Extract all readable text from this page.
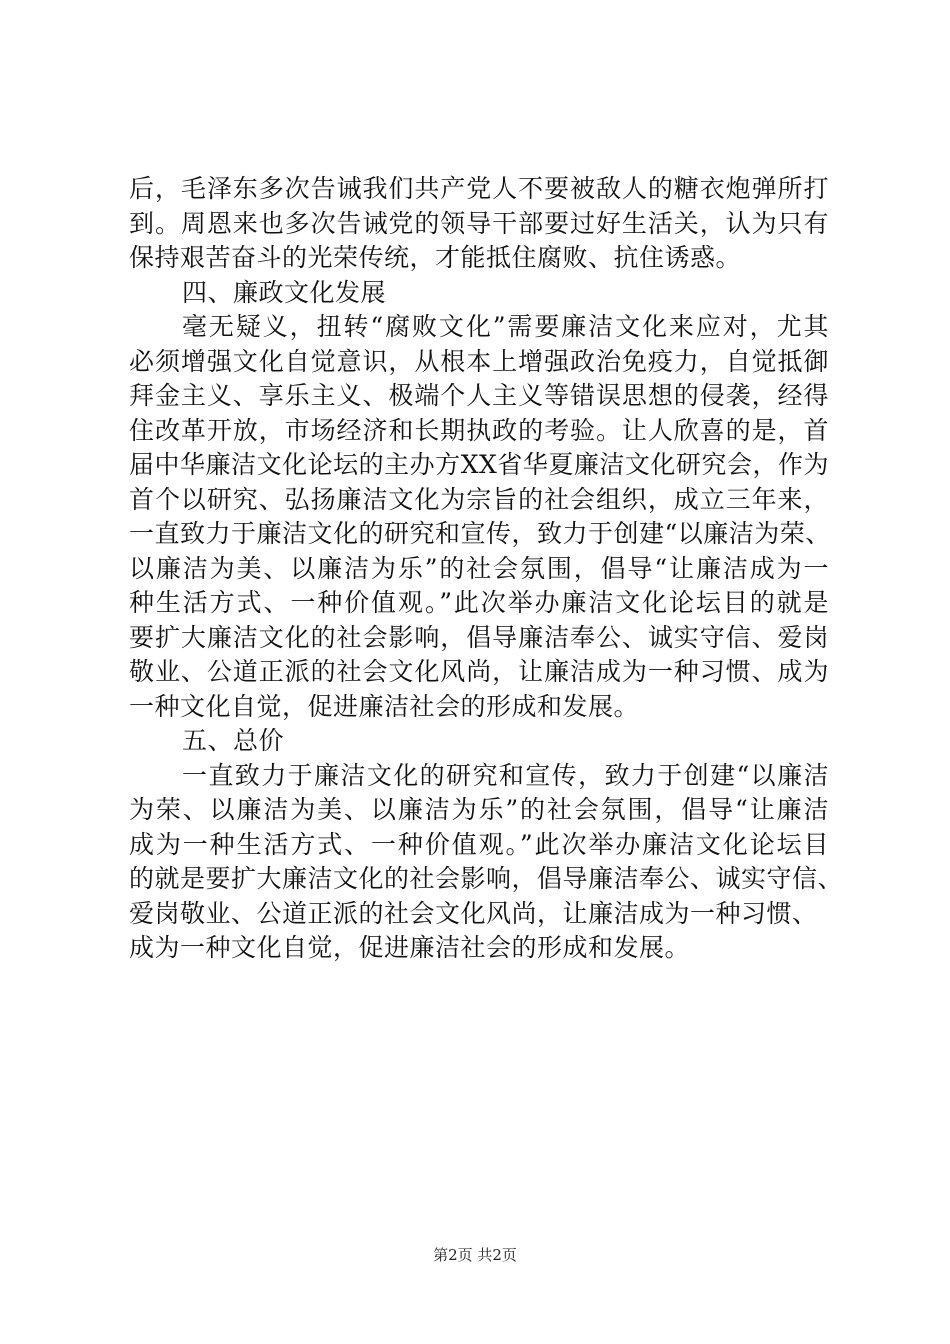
后，毛泽东多次告诫我们共产党人不要被敌人的糖衣炮弹所打
到。周恩来也多次告诫党的领导干部要过好生活关，认为只有
保持艰苦奋斗的光荣传统，才能抵住腐败、抗住诱惑。
四、廉政文化发展
毫无疑义，扭转“腐败文化”需要廉洁文化来应对，尤其
必须增强文化自觉意识，从根本上增强政治免疫力，自觉抵御
拜金主义、享乐主义、极端个人主义等错误思想的侵袭，经得
住改革开放，市场经济和长期执政的考验。让人欣喜的是，首
届中华廉洁文化论坛的主办方XX省华夏廉洁文化研究会，作为
首个以研究、弘扬廉洁文化为宗旨的社会组织，成立三年来，
一直致力于廉洁文化的研究和宣传，致力于创建“以廉洁为荣、
以廉洁为美、以廉洁为乐”的社会氛围，倡导“让廉洁成为一
种生活方式、一种价值观。”此次举办廉洁文化论坛目的就是
要扩大廉洁文化的社会影响，倡导廉洁奉公、诚实守信、爱岗
敬业、公道正派的社会文化风尚，让廉洁成为一种习惯、成为
一种文化自觉，促进廉洁社会的形成和发展。
五、总价
一直致力于廉洁文化的研究和宣传，致力于创建“以廉洁
为荣、以廉洁为美、以廉洁为乐”的社会氛围，倡导“让廉洁
成为一种生活方式、一种价值观。”此次举办廉洁文化论坛目
的就是要扩大廉洁文化的社会影响，倡导廉洁奉公、诚实守信、
爱岗敬业、公道正派的社会文化风尚，让廉洁成为一种习惯、
成为一种文化自觉，促进廉洁社会的形成和发展。
第2页 共2页
